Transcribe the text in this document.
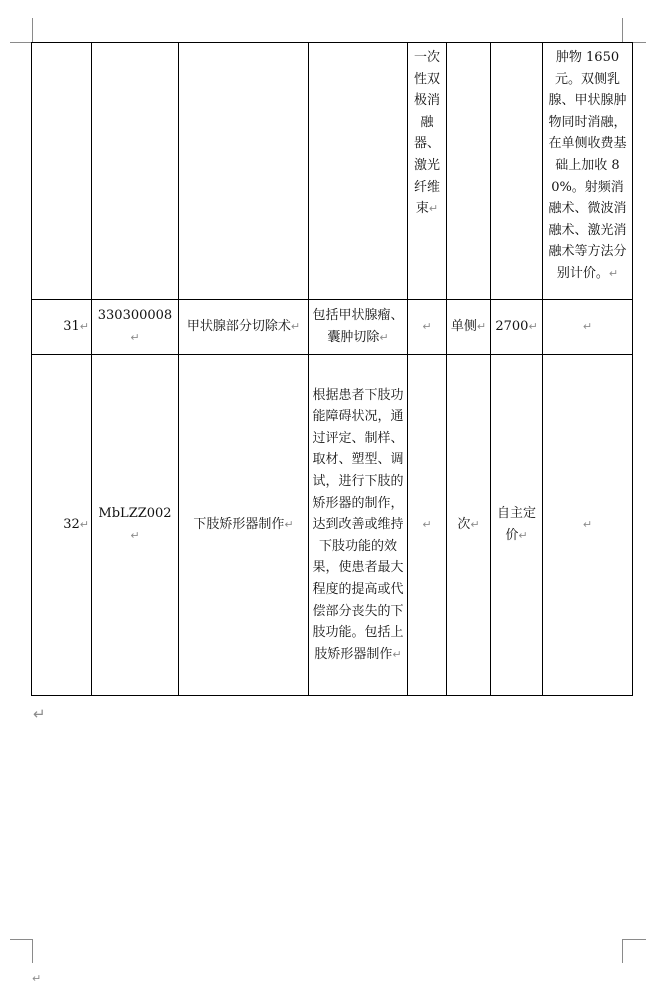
				一次性双极消融器、激光纤维束↵			肿物 1650 元。双侧乳腺、甲状腺肿物同时消融，在单侧收费基础上加收 80%。射频消融术、微波消融术、激光消融术等方法分别计价。↵
31↵	330300008↵	甲状腺部分切除术↵	包括甲状腺瘤、囊肿切除↵	↵	单侧↵	2700↵	↵
32↵	MbLZZ002↵	下肢矫形器制作↵	根据患者下肢功能障碍状况，通过评定、制样、取材、塑型、调试，进行下肢的矫形器的制作，达到改善或维持下肢功能的效果，使患者最大程度的提高或代偿部分丧失的下肢功能。包括上肢矫形器制作↵	↵	次↵	自主定价↵	↵
↵
↵
